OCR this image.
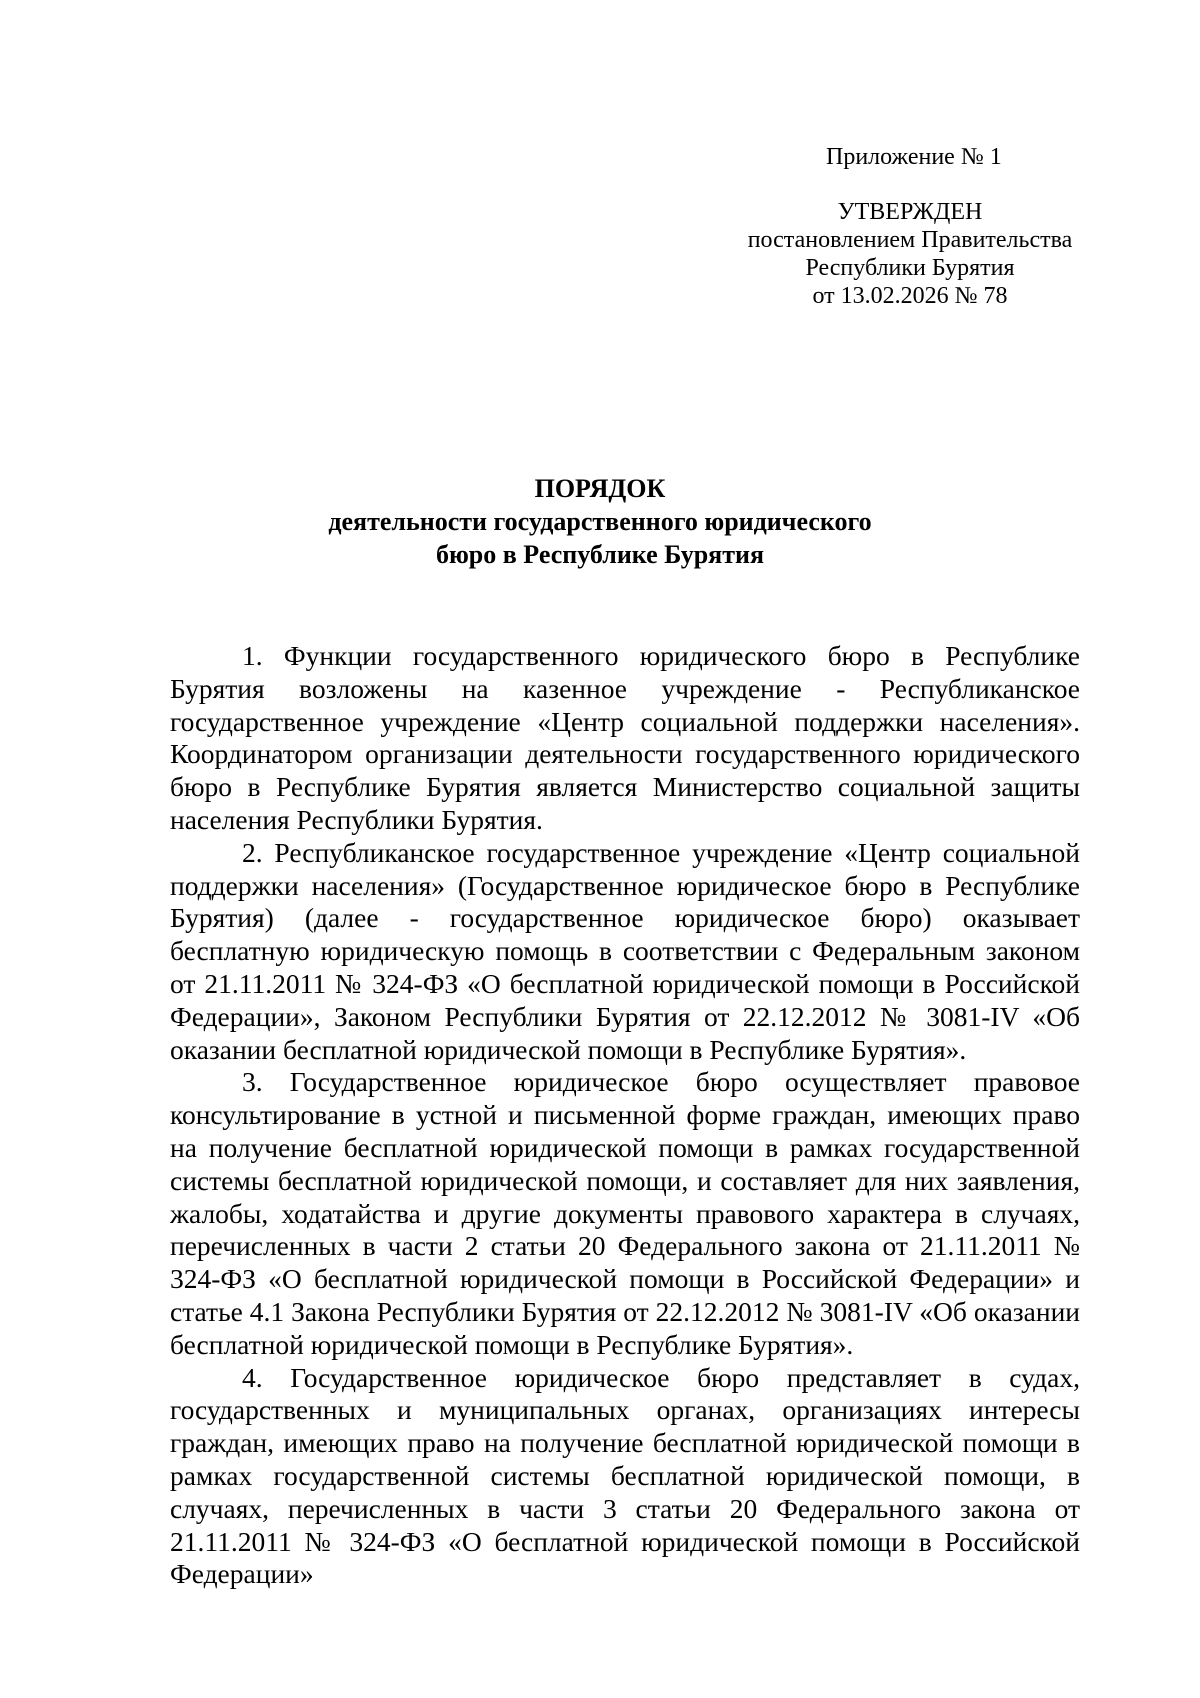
Приложение № 1
УТВЕРЖДЕН
постановлением Правительства
Республики Бурятия
от 13.02.2026 № 78
ПОРЯДОК
деятельности государственного юридического
бюро в Республике Бурятия

1. Функции государственного юридического бюро в Республике Бурятия возложены на казенное учреждение - Республиканское государственное учреждение «Центр социальной поддержки населения». Координатором организации деятельности государственного юридического бюро в Республике Бурятия является Министерство социальной защиты населения Республики Бурятия.

2. Республиканское государственное учреждение «Центр социальной поддержки населения» (Государственное юридическое бюро в Республике Бурятия) (далее - государственное юридическое бюро) оказывает бесплатную юридическую помощь в соответствии с Федеральным законом от 21.11.2011 № 324-ФЗ «О бесплатной юридической помощи в Российской Федерации», Законом Республики Бурятия от 22.12.2012 № 3081-IV «Об оказании бесплатной юридической помощи в Республике Бурятия».

3. Государственное юридическое бюро осуществляет правовое консультирование в устной и письменной форме граждан, имеющих право на получение бесплатной юридической помощи в рамках государственной системы бесплатной юридической помощи, и составляет для них заявления, жалобы, ходатайства и другие документы правового характера в случаях, перечисленных в части 2 статьи 20 Федерального закона от 21.11.2011 № 324-ФЗ «О бесплатной юридической помощи в Российской Федерации» и статье 4.1 Закона Республики Бурятия от 22.12.2012 № 3081-IV «Об оказании бесплатной юридической помощи в Республике Бурятия».

4. Государственное юридическое бюро представляет в судах, государственных и муниципальных органах, организациях интересы граждан, имеющих право на получение бесплатной юридической помощи в рамках государственной системы бесплатной юридической помощи, в случаях, перечисленных в части 3 статьи 20 Федерального закона от 21.11.2011 № 324-ФЗ «О бесплатной юридической помощи в Российской Федерации»
